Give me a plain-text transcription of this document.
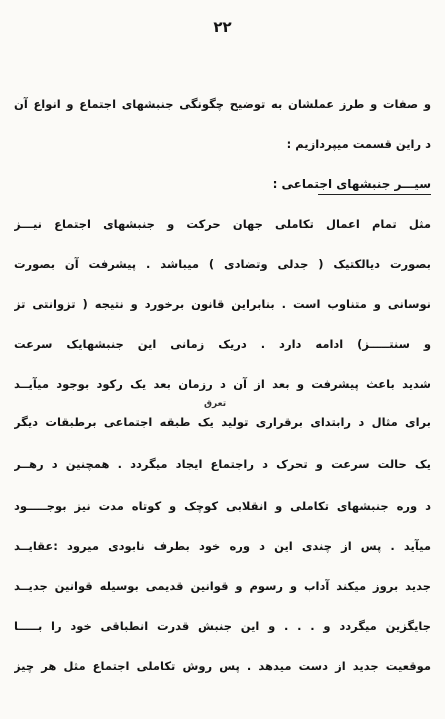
٢٢
و صفات و طرز عملشان به توضیح چگونگی جنبشهای اجتماع و انواع آن
د راین قسمت میپردازیم :
سیـــر جنبشهای اجتماعی :
مثل تمام اعمال تکاملی جهان حرکت و جنبشهای اجتماع نیـــز
بصورت دیالکتیک ( جدلی وتضادی ) میباشد . پیشرفت آن بصورت
نوسانی و متناوب است . بنابراین قانون برخورد و نتیجه ( تزوانتی تز
و سنتـــــز) ادامه دارد . دریک زمانی این جنبشهایک سرعت
شدید باعث پیشرفت و بعد از آن د رزمان بعد یک رکود بوجود میآیــد
تعرق
برای مثال د رابتدای برقراری تولید یک طبقه اجتماعی برطبقات دیگر
یک حالت سرعت و تحرک د راجتماع ایجاد میگردد . همچنین د رهــر
د وره جنبشهای تکاملی و انقلابی کوچک و کوتاه مدت نیز بوجـــــود
میآید . پس از چندی این د وره خود بطرف نابودی میرود :عقایــد
جدید بروز میکند آداب و رسوم و قوانین قدیمی بوسیله قوانین جدیــد
جایگزین میگردد و . . . و این جنبش قدرت انطباقی خود را بـــــا
موقعیت جدید از دست میدهد . پس روش تکاملی اجتماع مثل هر چیز
